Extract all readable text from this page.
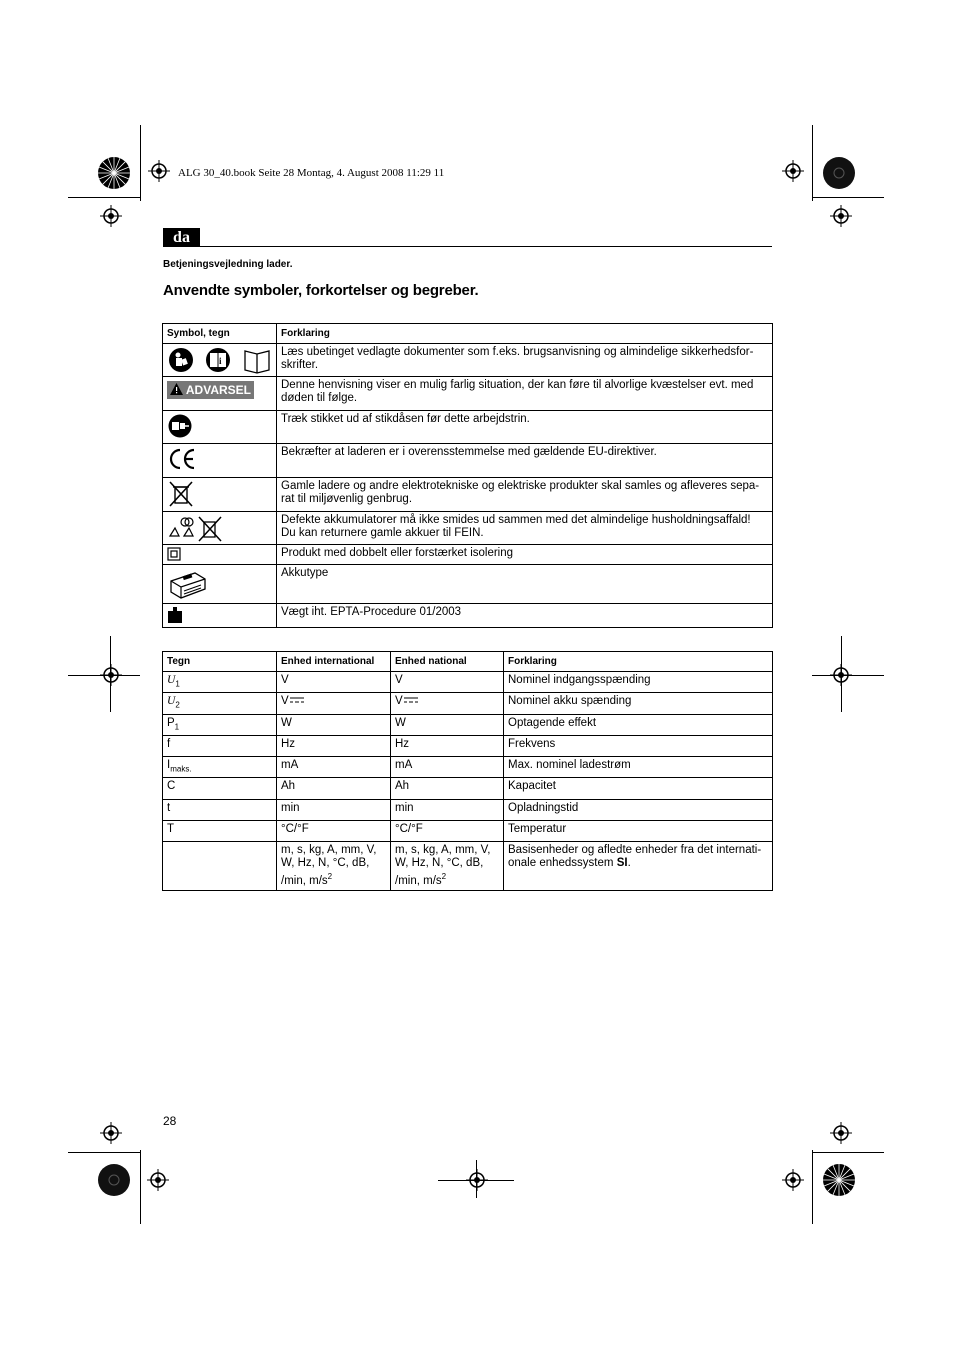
ALG 30_40.book Seite 28 Montag, 4. August 2008 11:29 11
da
Betjeningsvejledning lader.
Anvendte symboler, forkortelser og begreber.
Symbol, tegn	Forklaring

i	Læs ubetinget vedlagte dokumenter som f.eks. brugsanvisning og almindelige sikkerhedsfor-skrifter.
ADVARSEL	Denne henvisning viser en mulig farlig situation, der kan føre til alvorlige kvæstelser evt. med døden til følge.
	Træk stikket ud af stikdåsen før dette arbejdstrin.
	Bekræfter at laderen er i overensstemmelse med gældende EU-direktiver.
	Gamle ladere og andre elektrotekniske og elektriske produkter skal samles og afleveres sepa-rat til miljøvenlig genbrug.
	Defekte akkumulatorer må ikke smides ud sammen med det almindelige husholdningsaffald! Du kan returnere gamle akkuer til FEIN.
	Produkt med dobbelt eller forstærket isolering
	Akkutype
	Vægt iht. EPTA-Procedure 01/2003
Tegn	Enhed international	Enhed national	Forklaring
$U_1$	V	V	Nominel indgangsspænding
$U_2$	V	V	Nominel akku spænding
$P_1$	W	W	Optagende effekt
f	Hz	Hz	Frekvens
$I_{maks.}$	mA	mA	Max. nominel ladestrøm
C	Ah	Ah	Kapacitet
t	min	min	Opladningstid
T	°C/°F	°C/°F	Temperatur
	m, s, kg, A, mm, V, W, Hz, N, °C, dB, /min, $m/s^2$	m, s, kg, A, mm, V, W, Hz, N, °C, dB, /min, $m/s^2$	Basisenheder og afledte enheder fra det internati-onale enhedssystem SI.
28
